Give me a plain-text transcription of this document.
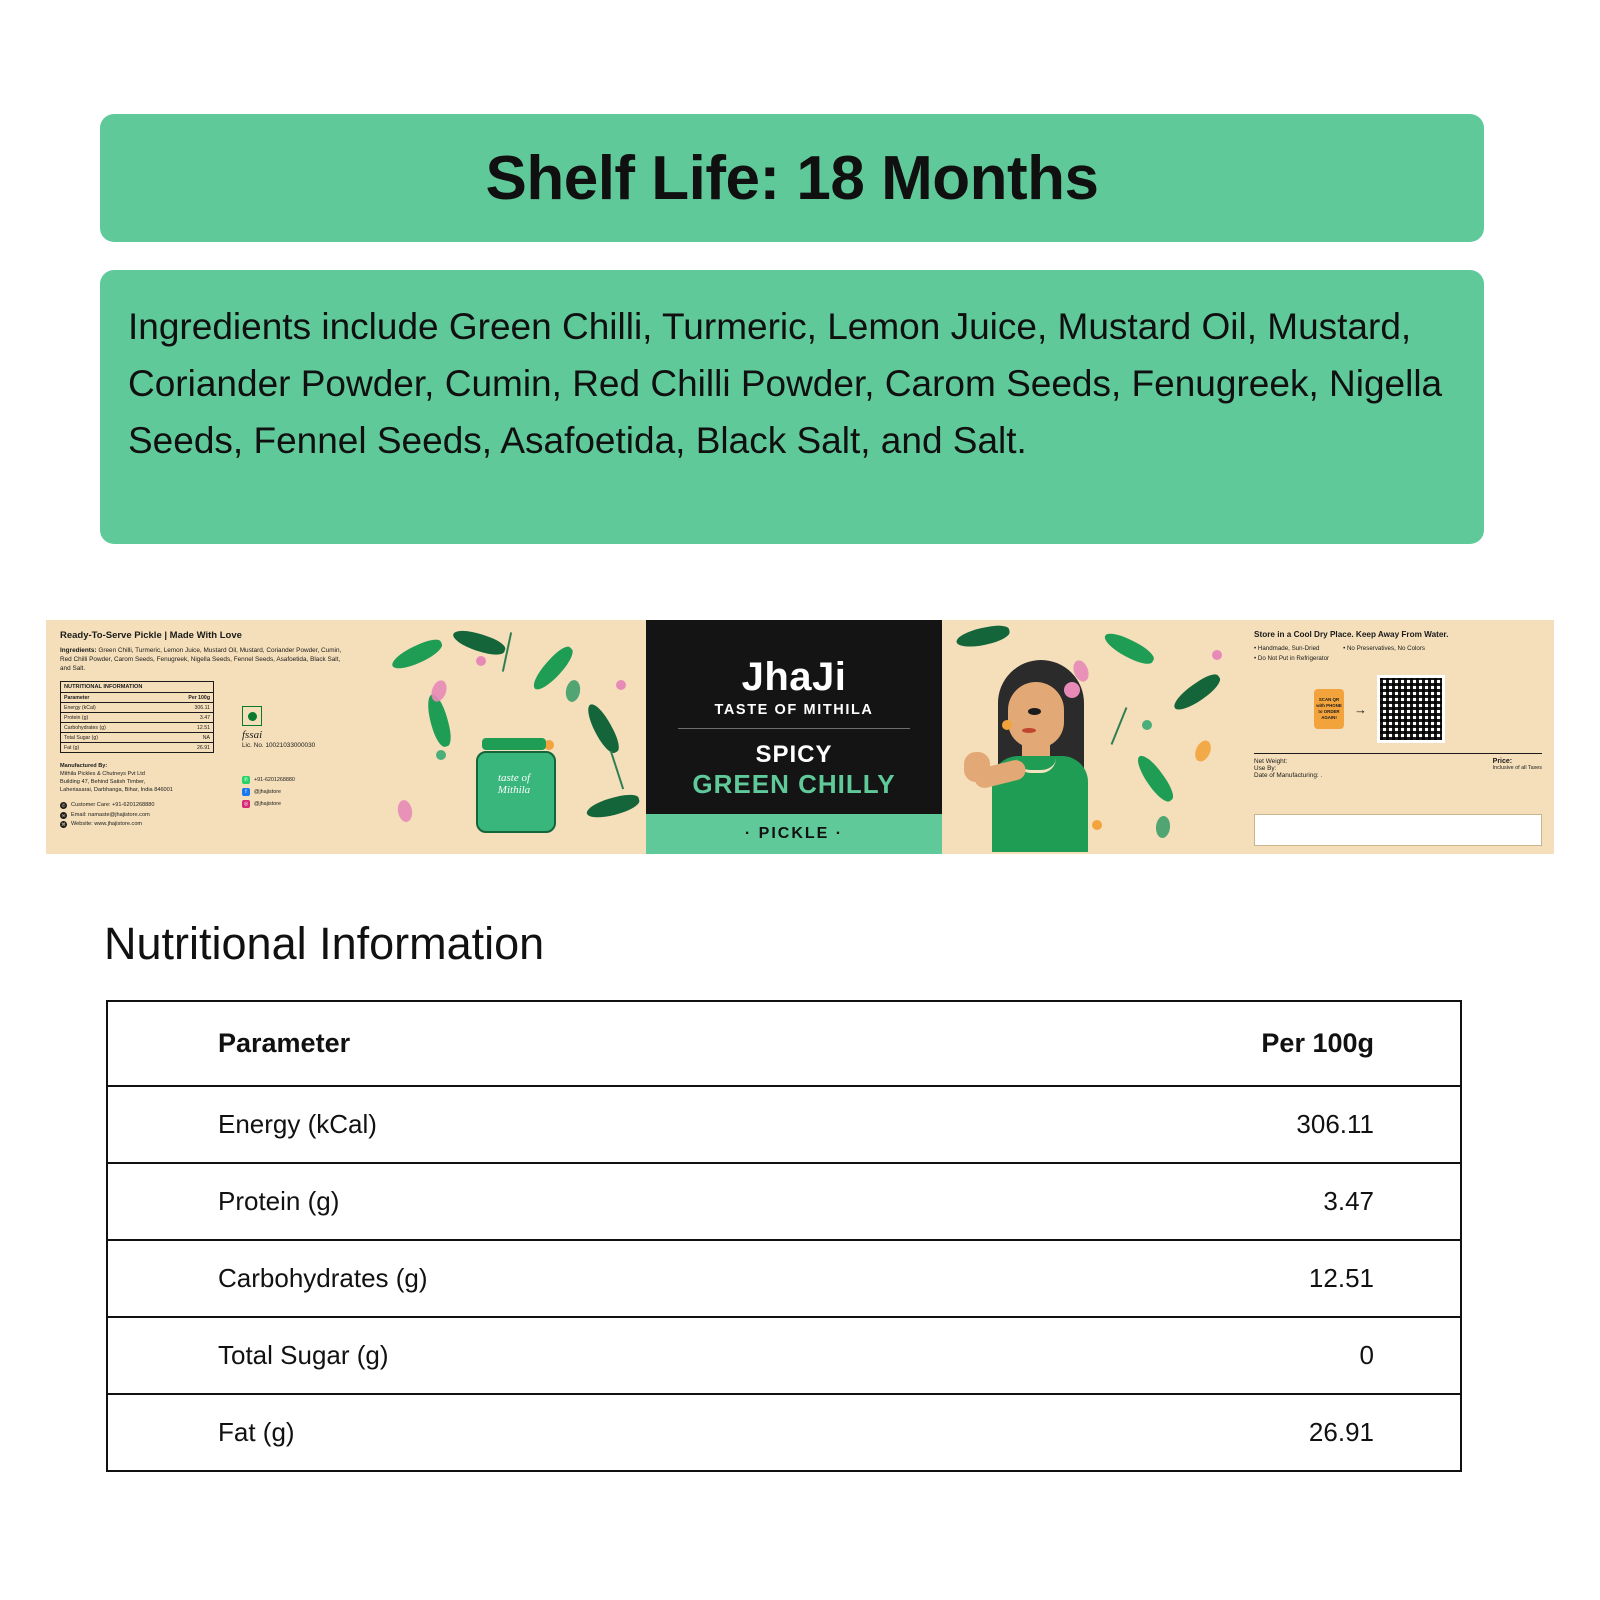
Shelf Life: 18 Months
Ingredients include Green Chilli, Turmeric, Lemon Juice, Mustard Oil, Mustard, Coriander Powder, Cumin, Red Chilli Powder, Carom Seeds, Fenugreek, Nigella Seeds, Fennel Seeds, Asafoetida, Black Salt, and Salt.
Ready-To-Serve Pickle | Made With Love
Ingredients: Green Chilli, Turmeric, Lemon Juice, Mustard Oil, Mustard, Coriander Powder, Cumin, Red Chilli Powder, Carom Seeds, Fenugreek, Nigella Seeds, Fennel Seeds, Asafoetida, Black Salt, and Salt.
NUTRITIONAL INFORMATION
Parameter	Per 100g
Energy (kCal)	306.11
Protein (g)	3.47
Carbohydrates (g)	12.51
Total Sugar (g)	NA
Fat (g)	26.91
Manufactured By:
Mithila Pickles & Chutneys Pvt Ltd
Building 47, Behind Satish Timber,
Laheriasarai, Darbhanga, Bihar, India 846001
✆ Customer Care: +91-6201268880
✉ Email: namaste@jhajistore.com
⌘ Website: www.jhajistore.com
fssai
Lic. No. 10021033000030
✆	+91-6201268880
f	@jhajistore
◎	@jhajistore
taste of Mithila
JhaJi
TASTE OF MITHILA
SPICY
GREEN CHILLY
· PICKLE ·
Store in a Cool Dry Place. Keep Away From Water.
• Handmade, Sun-Dried
• Do Not Put in Refrigerator
• No Preservatives, No Colors
SCAN QR with PHONE to ORDER AGAIN!
→
Net Weight:
Use By:
Date of Manufacturing: .
Price:
Inclusive of all Taxes
Nutritional Information
Parameter	Per 100g
Energy (kCal)	306.11
Protein (g)	3.47
Carbohydrates (g)	12.51
Total Sugar (g)	0
Fat (g)	26.91
